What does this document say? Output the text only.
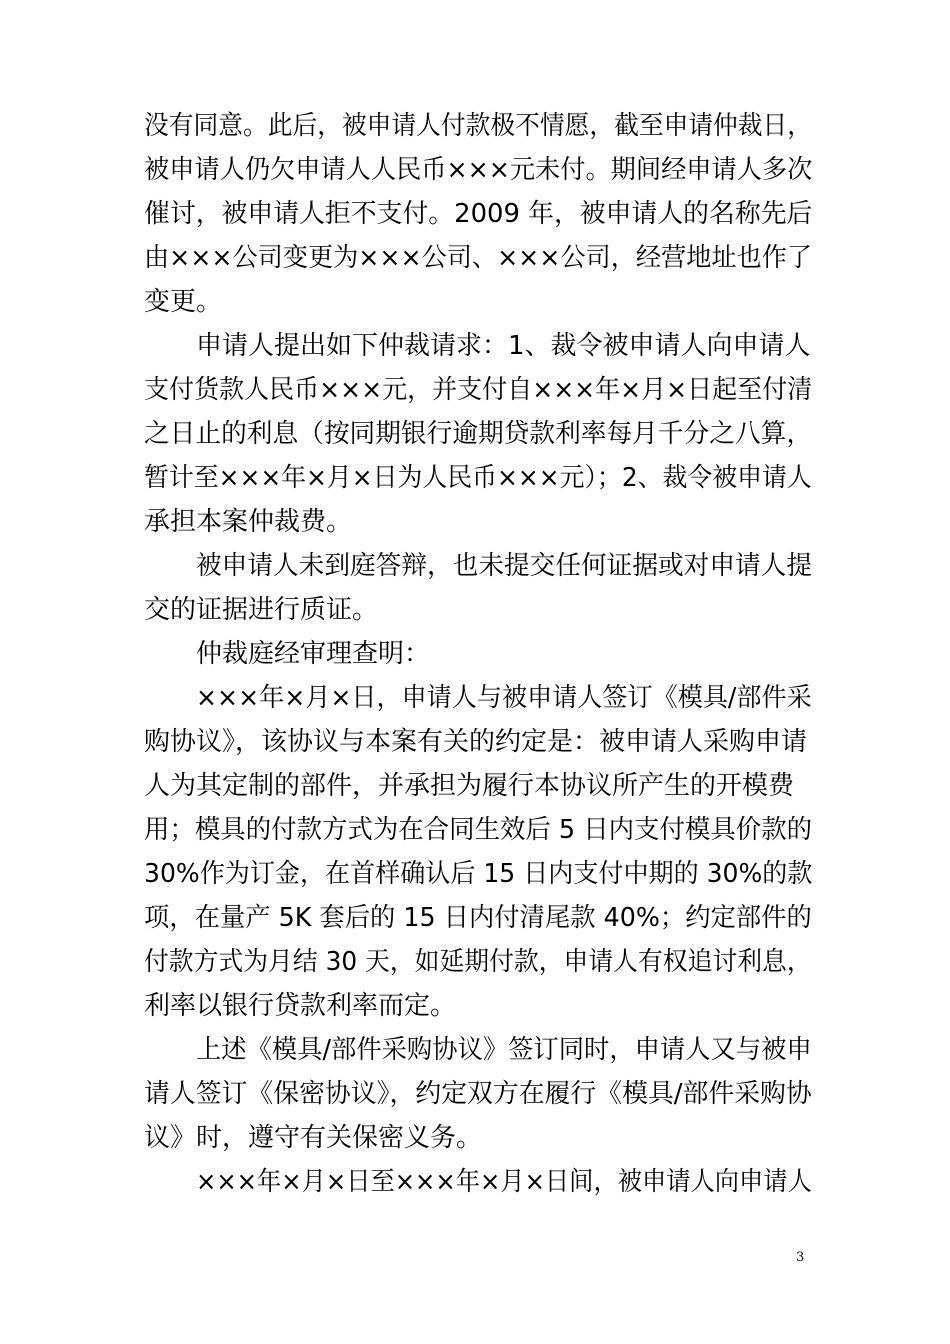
没有同意。此后，被申请人付款极不情愿，截至申请仲裁日，
被申请人仍欠申请人人民币×××元未付。期间经申请人多次
催讨，被申请人拒不支付。2009 年，被申请人的名称先后
由×××公司变更为×××公司、×××公司，经营地址也作了
变更。
申请人提出如下仲裁请求：1、裁令被申请人向申请人
支付货款人民币×××元，并支付自×××年×月×日起至付清
之日止的利息（按同期银行逾期贷款利率每月千分之八算，
暂计至×××年×月×日为人民币×××元）；2、裁令被申请人
承担本案仲裁费。
被申请人未到庭答辩，也未提交任何证据或对申请人提
交的证据进行质证。
仲裁庭经审理查明：
×××年×月×日，申请人与被申请人签订《模具/部件采
购协议》，该协议与本案有关的约定是：被申请人采购申请
人为其定制的部件，并承担为履行本协议所产生的开模费
用；模具的付款方式为在合同生效后 5 日内支付模具价款的
30%作为订金，在首样确认后 15 日内支付中期的 30%的款
项，在量产 5K 套后的 15 日内付清尾款 40%；约定部件的
付款方式为月结 30 天，如延期付款，申请人有权追讨利息，
利率以银行贷款利率而定。
上述《模具/部件采购协议》签订同时，申请人又与被申
请人签订《保密协议》，约定双方在履行《模具/部件采购协
议》时，遵守有关保密义务。
×××年×月×日至×××年×月×日间，被申请人向申请人
3
